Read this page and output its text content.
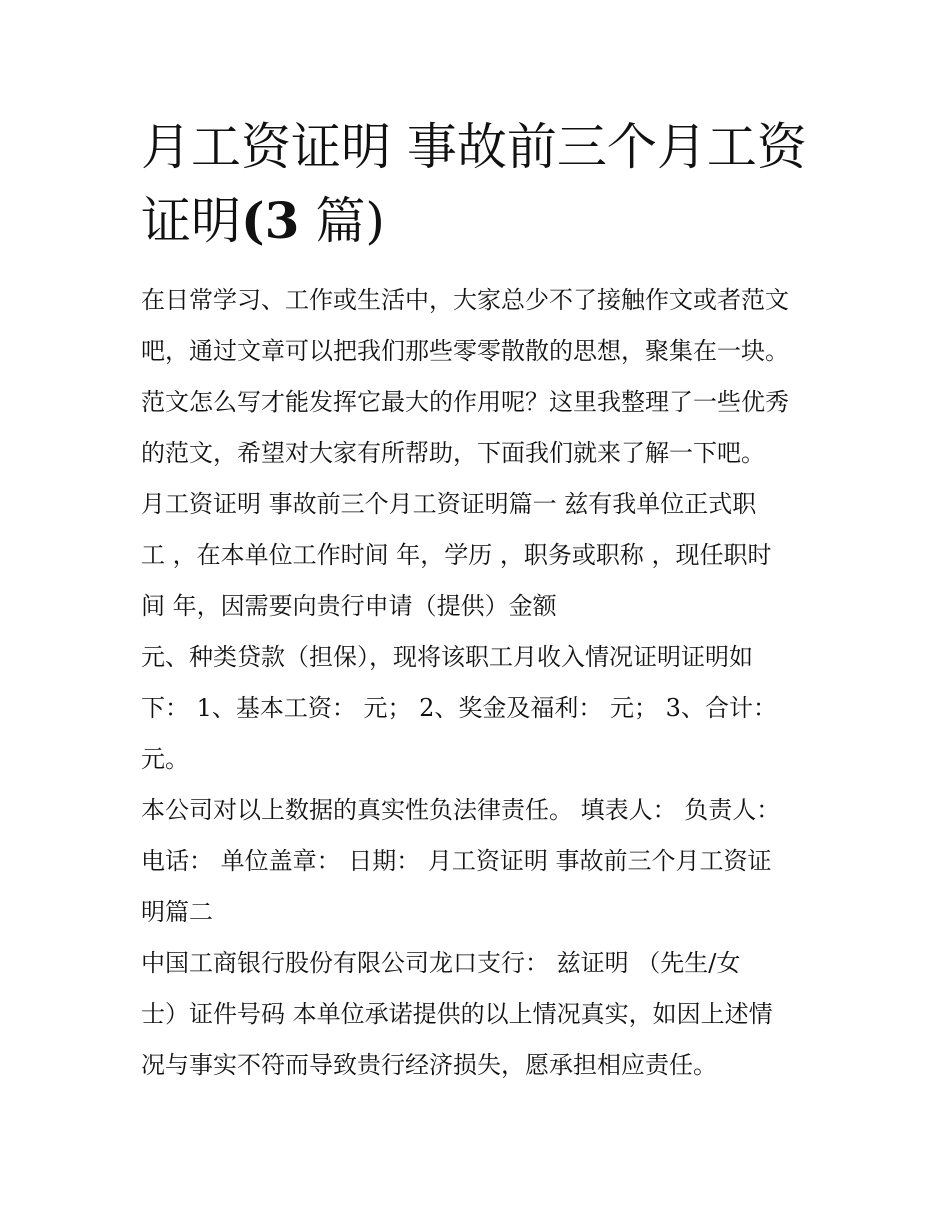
月工资证明 事故前三个月工资
证明(3 篇)
在日常学习、工作或生活中，大家总少不了接触作文或者范文
吧，通过文章可以把我们那些零零散散的思想，聚集在一块。
范文怎么写才能发挥它最大的作用呢？这里我整理了一些优秀
的范文，希望对大家有所帮助，下面我们就来了解一下吧。
月工资证明 事故前三个月工资证明篇一 兹有我单位正式职
工 ，在本单位工作时间 年，学历 ，职务或职称 ，现任职时
间 年，因需要向贵行申请（提供）金额
元、种类贷款（担保），现将该职工月收入情况证明证明如
下： 1、基本工资： 元； 2、奖金及福利： 元； 3、合计：
元。
本公司对以上数据的真实性负法律责任。 填表人： 负责人：
电话： 单位盖章： 日期： 月工资证明 事故前三个月工资证
明篇二
中国工商银行股份有限公司龙口支行： 兹证明 （先生/女
士）证件号码 本单位承诺提供的以上情况真实，如因上述情
况与事实不符而导致贵行经济损失，愿承担相应责任。
